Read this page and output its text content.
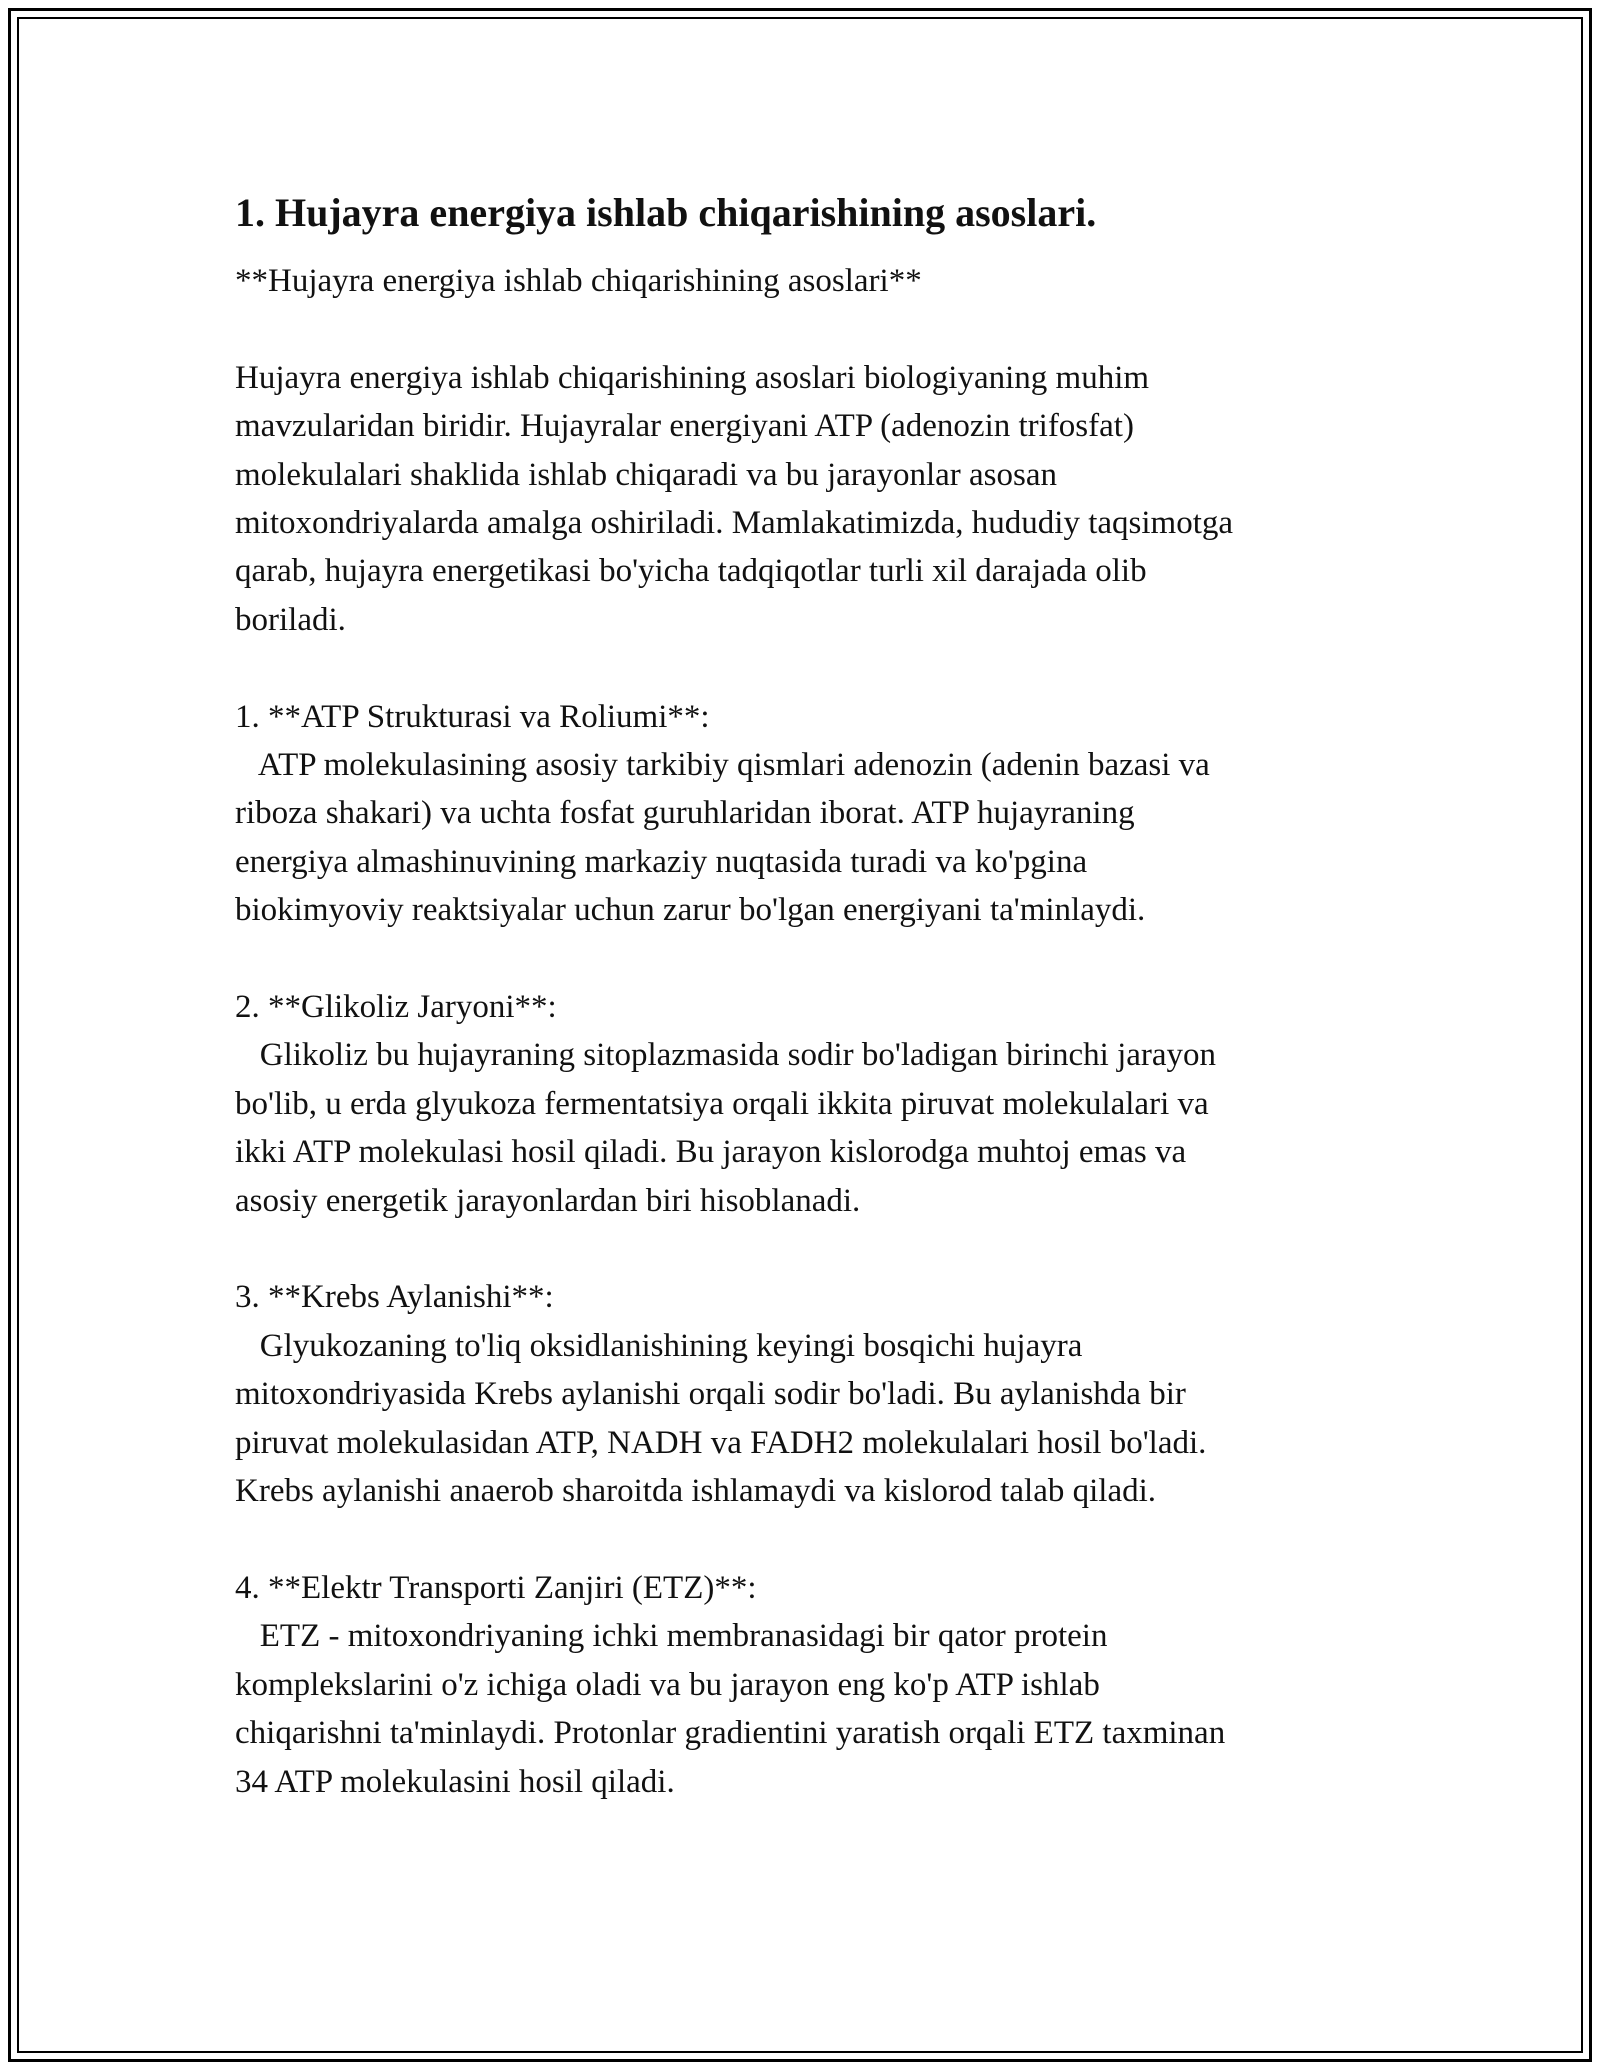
1. Hujayra energiya ishlab chiqarishining asoslari.

**Hujayra energiya ishlab chiqarishining asoslari**

Hujayra energiya ishlab chiqarishining asoslari biologiyaning muhim

mavzularidan biridir. Hujayralar energiyani ATP (adenozin trifosfat)

molekulalari shaklida ishlab chiqaradi va bu jarayonlar asosan

mitoxondriyalarda amalga oshiriladi. Mamlakatimizda, hududiy taqsimotga

qarab, hujayra energetikasi bo'yicha tadqiqotlar turli xil darajada olib

boriladi.

1. **ATP Strukturasi va Roliumi**:

ATP molekulasining asosiy tarkibiy qismlari adenozin (adenin bazasi va

riboza shakari) va uchta fosfat guruhlaridan iborat. ATP hujayraning

energiya almashinuvining markaziy nuqtasida turadi va ko'pgina

biokimyoviy reaktsiyalar uchun zarur bo'lgan energiyani ta'minlaydi.

2. **Glikoliz Jaryoni**:

Glikoliz bu hujayraning sitoplazmasida sodir bo'ladigan birinchi jarayon

bo'lib, u erda glyukoza fermentatsiya orqali ikkita piruvat molekulalari va

ikki ATP molekulasi hosil qiladi. Bu jarayon kislorodga muhtoj emas va

asosiy energetik jarayonlardan biri hisoblanadi.

3. **Krebs Aylanishi**:

Glyukozaning to'liq oksidlanishining keyingi bosqichi hujayra

mitoxondriyasida Krebs aylanishi orqali sodir bo'ladi. Bu aylanishda bir

piruvat molekulasidan ATP, NADH va FADH2 molekulalari hosil bo'ladi.

Krebs aylanishi anaerob sharoitda ishlamaydi va kislorod talab qiladi.

4. **Elektr Transporti Zanjiri (ETZ)**:

ETZ - mitoxondriyaning ichki membranasidagi bir qator protein

komplekslarini o'z ichiga oladi va bu jarayon eng ko'p ATP ishlab

chiqarishni ta'minlaydi. Protonlar gradientini yaratish orqali ETZ taxminan

34 ATP molekulasini hosil qiladi.
